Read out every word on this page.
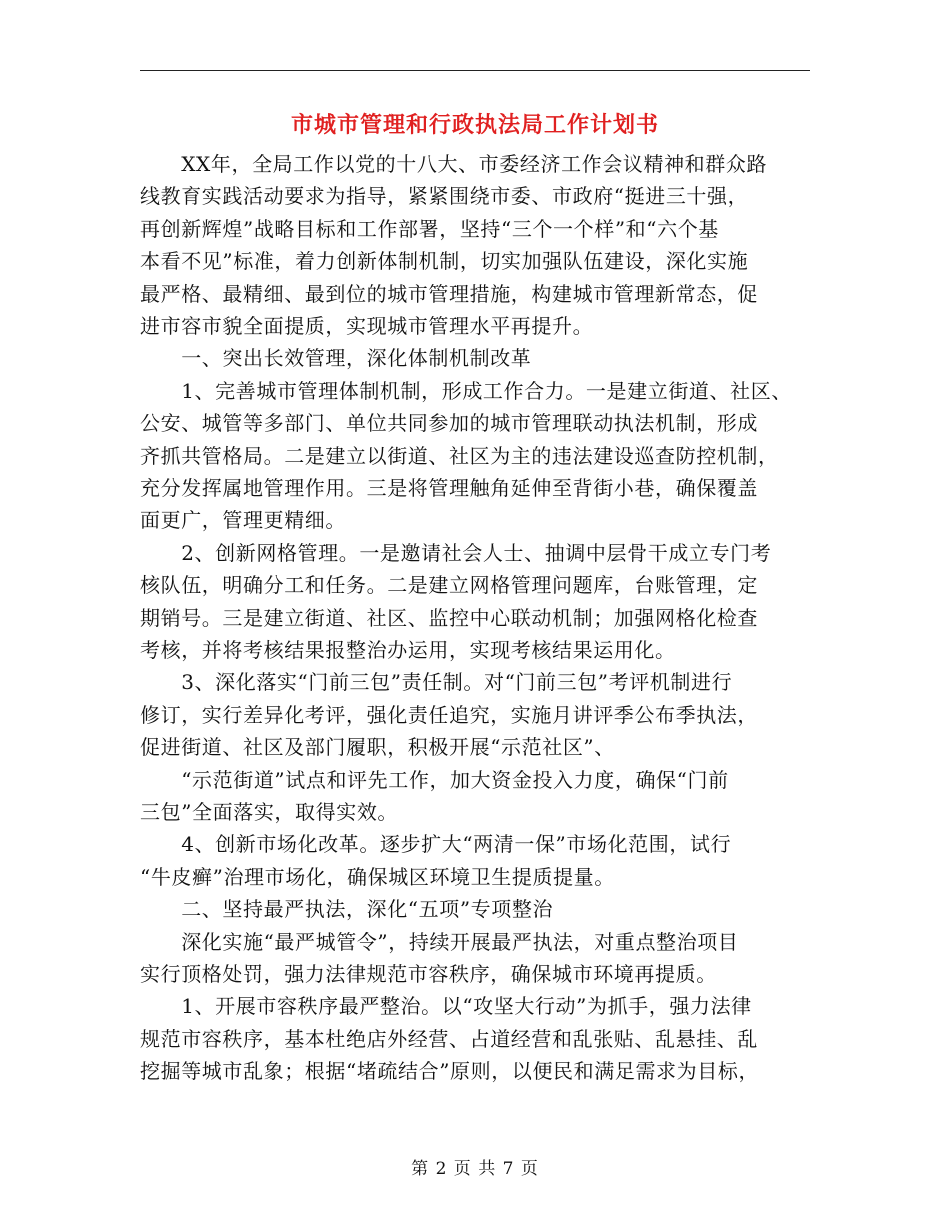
市城市管理和行政执法局工作计划书
　　XX年，全局工作以党的十八大、市委经济工作会议精神和群众路
线教育实践活动要求为指导，紧紧围绕市委、市政府“挺进三十强，
再创新辉煌”战略目标和工作部署，坚持“三个一个样”和“六个基
本看不见”标准，着力创新体制机制，切实加强队伍建设，深化实施
最严格、最精细、最到位的城市管理措施，构建城市管理新常态，促
进市容市貌全面提质，实现城市管理水平再提升。
　　一、突出长效管理，深化体制机制改革
　　1、完善城市管理体制机制，形成工作合力。一是建立街道、社区、
公安、城管等多部门、单位共同参加的城市管理联动执法机制，形成
齐抓共管格局。二是建立以街道、社区为主的违法建设巡查防控机制，
充分发挥属地管理作用。三是将管理触角延伸至背街小巷，确保覆盖
面更广，管理更精细。
　　2、创新网格管理。一是邀请社会人士、抽调中层骨干成立专门考
核队伍，明确分工和任务。二是建立网格管理问题库，台账管理，定
期销号。三是建立街道、社区、监控中心联动机制；加强网格化检查
考核，并将考核结果报整治办运用，实现考核结果运用化。
　　3、深化落实“门前三包”责任制。对“门前三包”考评机制进行
修订，实行差异化考评，强化责任追究，实施月讲评季公布季执法，
促进街道、社区及部门履职，积极开展“示范社区”、
　　“示范街道”试点和评先工作，加大资金投入力度，确保“门前
三包”全面落实，取得实效。
　　4、创新市场化改革。逐步扩大“两清一保”市场化范围，试行
“牛皮癣”治理市场化，确保城区环境卫生提质提量。
　　二、坚持最严执法，深化“五项”专项整治
　　深化实施“最严城管令”，持续开展最严执法，对重点整治项目
实行顶格处罚，强力法律规范市容秩序，确保城市环境再提质。
　　1、开展市容秩序最严整治。以“攻坚大行动”为抓手，强力法律
规范市容秩序，基本杜绝店外经营、占道经营和乱张贴、乱悬挂、乱
挖掘等城市乱象；根据“堵疏结合”原则，以便民和满足需求为目标，
第 2 页 共 7 页
